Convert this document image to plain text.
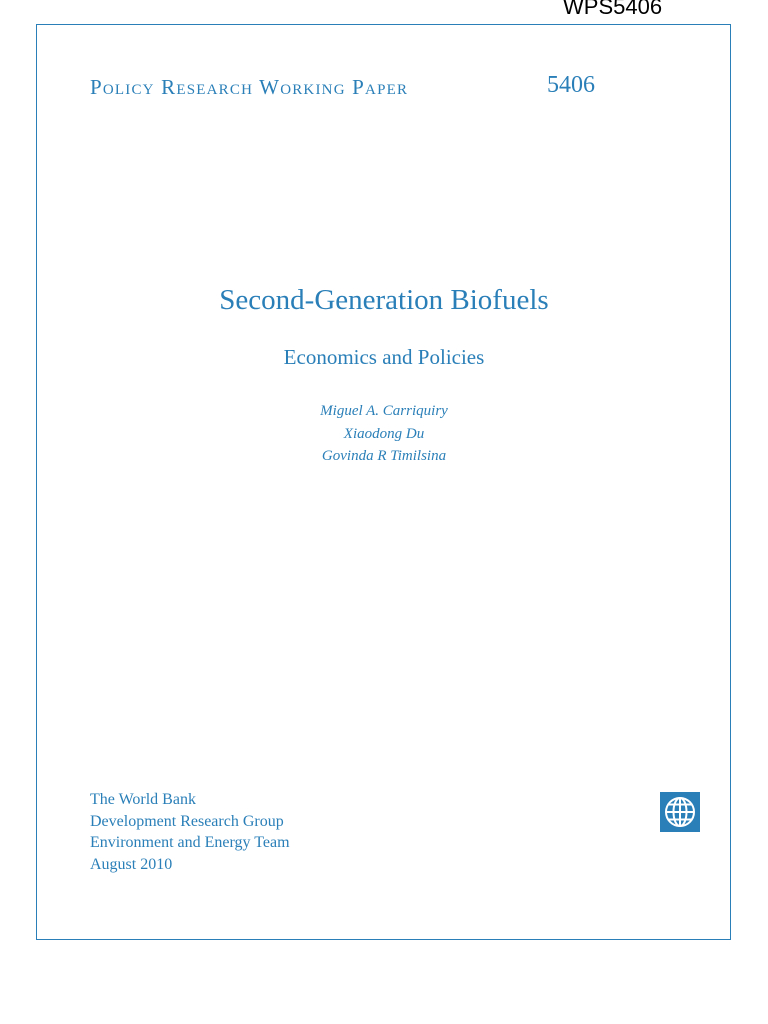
WPS5406
Policy Research Working Paper	5406
Second-Generation Biofuels
Economics and Policies
Miguel A. Carriquiry
Xiaodong Du
Govinda R Timilsina
The World Bank
Development Research Group
Environment and Energy Team
August 2010
